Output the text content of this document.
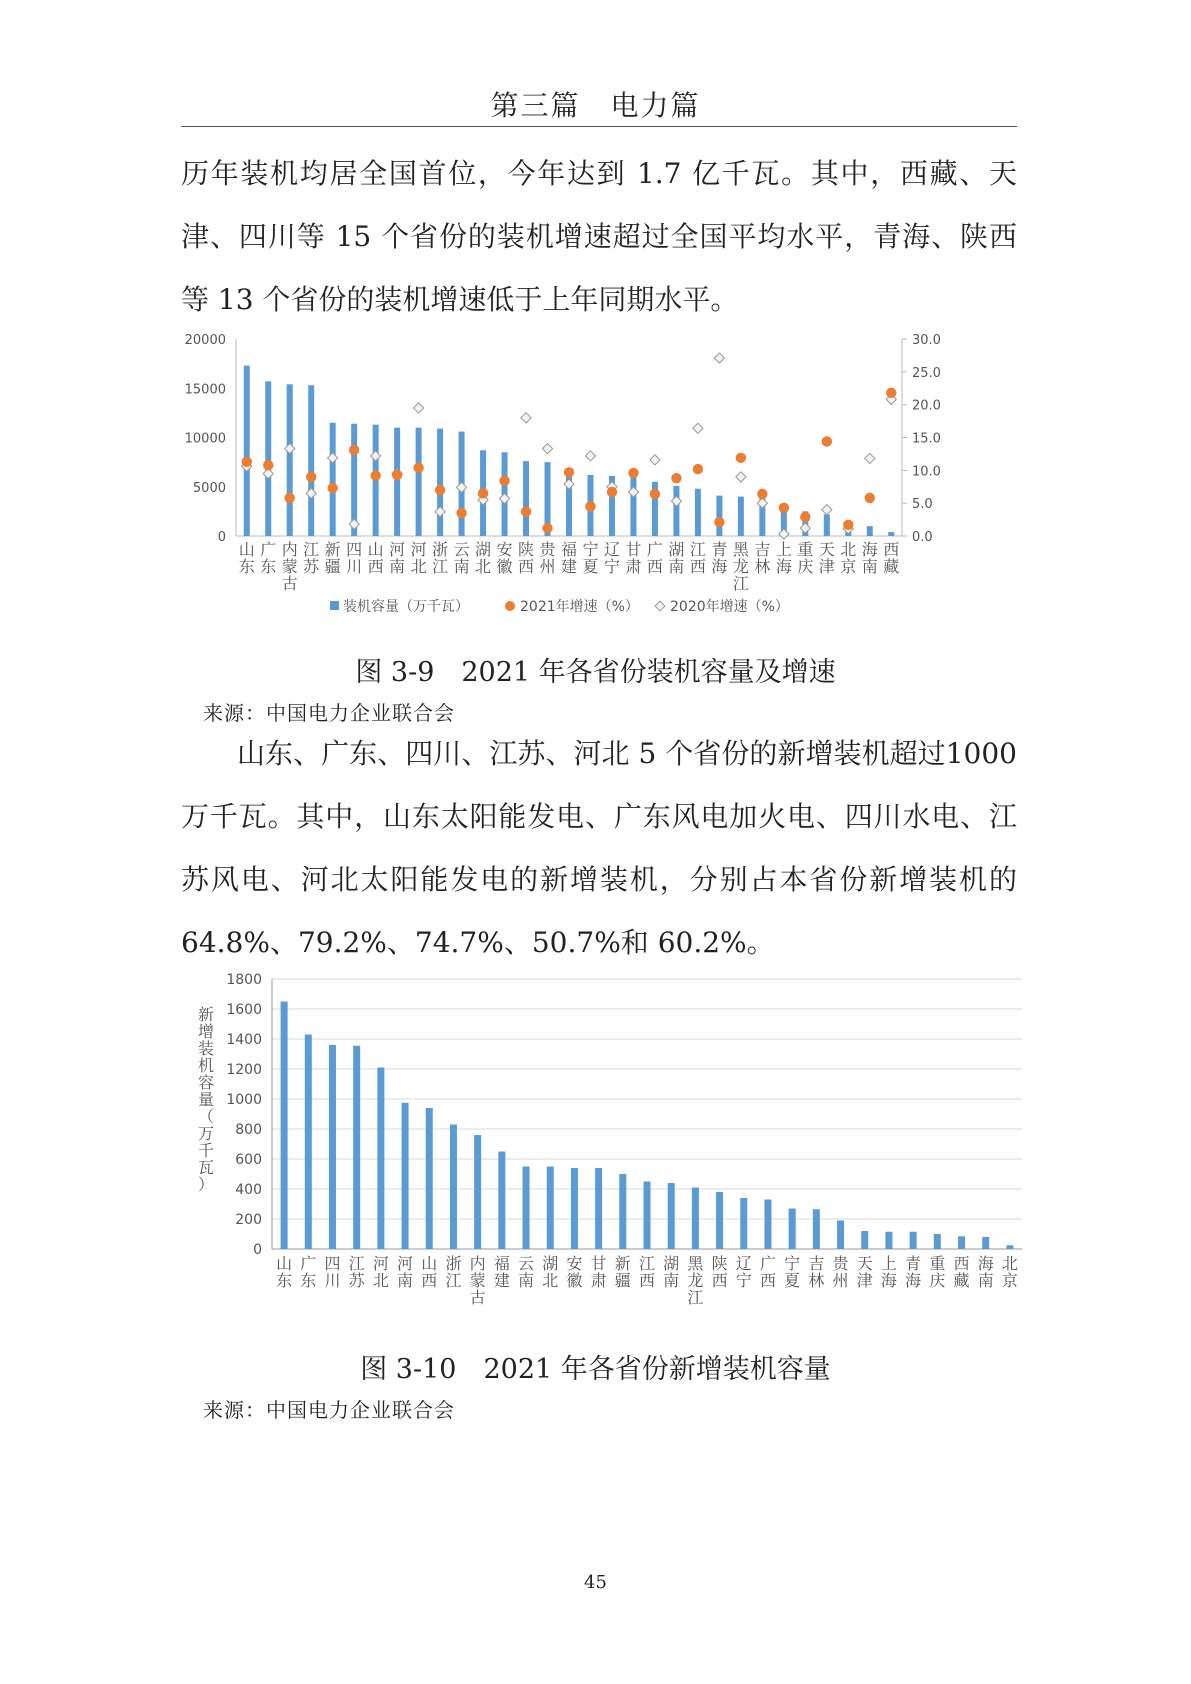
第三篇　电力篇

历年装机均居全国首位，今年达到 1.7 亿千瓦。其中，西藏、天津、四川等 15 个省份的装机增速超过全国平均水平，青海、陕西等 13 个省份的装机增速低于上年同期水平。

20000
15000
10000
5000
0
30.0
25.0
20.0
15.0
10.0
5.0
0.0
山东
广东
内蒙古
江苏
新疆
四川
山西
河南
河北
浙江
云南
湖北
安徽
陕西
贵州
福建
宁夏
辽宁
甘肃
广西
湖南
江西
青海
黑龙江
吉林
上海
重庆
天津
北京
海南
西藏
装机容量（万千瓦）	2021年增速（%） 2020年增速（%）
图 3-9　2021 年各省份装机容量及增速
来源：中国电力企业联合会

山东、广东、四川、江苏、河北 5 个省份的新增装机超过1000 万千瓦。其中，山东太阳能发电、广东风电加火电、四川水电、江苏风电、河北太阳能发电的新增装机，分别占本省份新增装机的 64.8%、79.2%、74.7%、50.7%和 60.2%。

1800
1600
1400
1200
1000
800
600
400
200
0
新增装机容量（万千瓦）
山东
广东
四川
江苏
河北
河南
山西
浙江
内蒙古
福建
云南
湖北
安徽
甘肃
新疆
江西
湖南
黑龙江
陕西
辽宁
广西
宁夏
吉林
贵州
天津
上海
青海
重庆
西藏
海南
北京
图 3-10　2021 年各省份新增装机容量
来源：中国电力企业联合会
45
